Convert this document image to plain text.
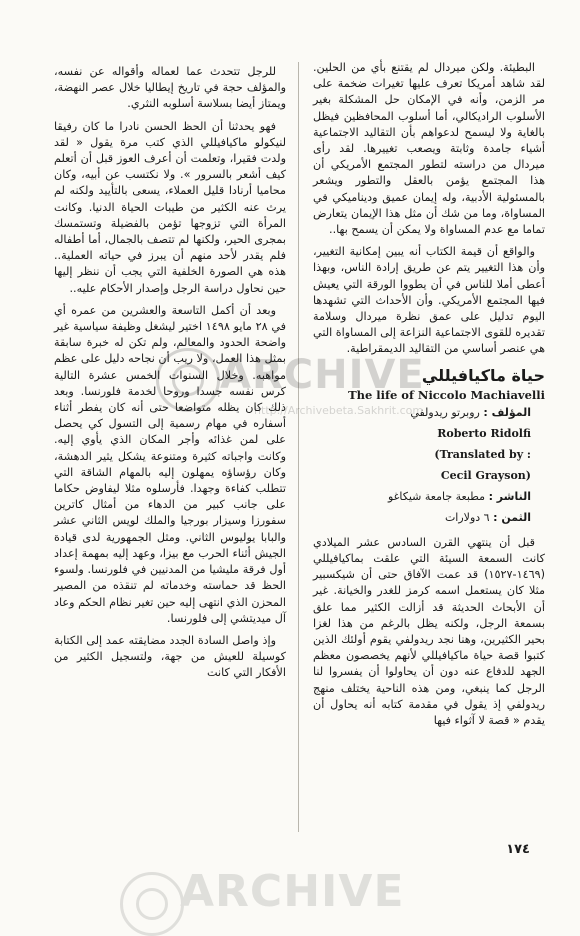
البطيئة. ولكن ميردال لم يقتنع بأي من الحلين. لقد شاهد أمريكا تعرف عليها تغيرات ضخمة على مر الزمن، وأنه في الإمكان حل المشكلة بغير الأسلوب الراديكالي، أما أسلوب المحافظين فيظل بالغاية ولا ليسمح لدعواهم بأن التقاليد الاجتماعية أشياء جامدة وثابتة ويصعب تغييرها. لقد رأى ميردال من دراسته لتطور المجتمع الأمريكي أن هذا المجتمع يؤمن بالعقل والتطور ويشعر بالمسئولية الأدبية، وله إيمان عميق وديناميكي في المساواة، وما من شك أن مثل هذا الإيمان يتعارض تماما مع عدم المساواة ولا يمكن أن يسمح بها..

والواقع أن قيمة الكتاب أنه يبين إمكانية التغيير، وأن هذا التغيير يتم عن طريق إرادة الناس، وبهذا أعطى أملا للناس في أن يطووا الورقة التي يعيش فيها المجتمع الأمريكي. وأن الأحداث التي تشهدها اليوم تدليل على عمق نظرة ميردال وسلامة تقديره للقوى الاجتماعية النزاعة إلى المساواة التي هي عنصر أساسي من التقاليد الديمقراطية.

حياة ماكيافيللي
The life of Niccolo Machiavelli

المؤلف : روبرتو ريدولفي

Roberto Ridolfi

(Translated by :

Cecil Grayson)

الناشر : مطبعة جامعة شيكاغو

الثمن : ٦ دولارات

قبل أن ينتهي القرن السادس عشر الميلادي كانت السمعة السيئة التي علقت بماكيافيللي (١٤٦٩-١٥٢٧) قد عمت الآفاق حتى أن شيكسبير مثلا كان يستعمل اسمه كرمز للغدر والخيانة. غير أن الأبحاث الحديثة قد أزالت الكثير مما علق بسمعة الرجل، ولكنه يظل بالرغم من هذا لغزا بحير الكثيرين، وهنا نجد ريدولفي يقوم أولئك الذين كتبوا قصة حياة ماكيافيللي لأنهم يخصصون معظم الجهد للدفاع عنه دون أن يحاولوا أن يفسروا لنا الرجل كما ينبغي، ومن هذه الناحية يختلف منهج ريدولفي إذ يقول في مقدمة كتابه أنه يحاول أن يقدم « قصة لا آثواء فيها

للرجل تتحدث عما لعماله وأقواله عن نفسه، والمؤلف حجة في تاريخ إيطاليا خلال عصر النهضة، ويمتاز أيضا بسلاسة أسلوبه النثري.

فهو يحدثنا أن الحظ الحسن نادرا ما كان رفيقا لنيكولو ماكيافيللي الذي كتب مرة يقول « لقد ولدت فقيرا، وتعلمت أن أعرف العوز قبل أن أتعلم كيف أشعر بالسرور ». ولا نكتسب عن أبيه، وكان محاميا أرنادا قليل العملاء، يسعى بالتأييد ولكنه لم يرث عنه الكثير من طيبات الحياة الدنيا. وكانت المرأة التي تزوجها تؤمن بالفضيلة وتستمسك بمجرى الحير، ولكنها لم تتصف بالجمال، أما أطفاله فلم يقدر لأحد منهم أن يبرز في حياته العملية.. هذه هي الصورة الخلفية التي يجب أن ننظر إليها حين نحاول دراسة الرجل وإصدار الأحكام عليه..

وبعد أن أكمل التاسعة والعشرين من عمره أي في ٢٨ مايو ١٤٩٨ اختير ليشغل وظيفة سياسية غير واضحة الحدود والمعالم، ولم تكن له خبرة سابقة بمثل هذا العمل، ولا ريب أن نجاحه دليل على عظم مواهبه. وخلال السنوات الخمس عشرة التالية كرس نفسه جسدا وروحا لخدمة فلورنسا. وبعد ذلك كان يظله متواضعا حتى أنه كان يفطر أثناء أسفاره في مهام رسمية إلى التسول كي يحصل على لمن غذائه وأجر المكان الذي يأوي إليه. وكانت واجباته كثيرة ومتنوعة يشكل يثير الدهشة، وكان رؤساؤه يمهلون إليه بالمهام الشاقة التي تتطلب كفاءة وجهدا. فأرسلوه مثلا ليفاوض حكاما على جانب كبير من الدهاء من أمثال كاترين سفورزا وسيزار بورجيا والملك لويس الثاني عشر والبابا يوليوس الثاني. ومثل الجمهورية لدى قيادة الجيش أثناء الحرب مع بيزا، وعهد إليه بمهمة إعداد أول فرقة مليشيا من المدنيين في فلورنسا. ولسوء الحظ قد حماسته وخدماته لم تنقذه من المصير المحزن الذي انتهى إليه حين تغير نظام الحكم وعاد آل ميديتشي إلى فلورنسا.

وإذ واصل السادة الجدد مضايقته عمد إلى الكتابة كوسيلة للعيش من جهة، ولتسجيل الكثير من الأفكار التي كانت

١٧٤
ARCHIVE
http://Archivebeta.Sakhrit.com
ARCHIVE
